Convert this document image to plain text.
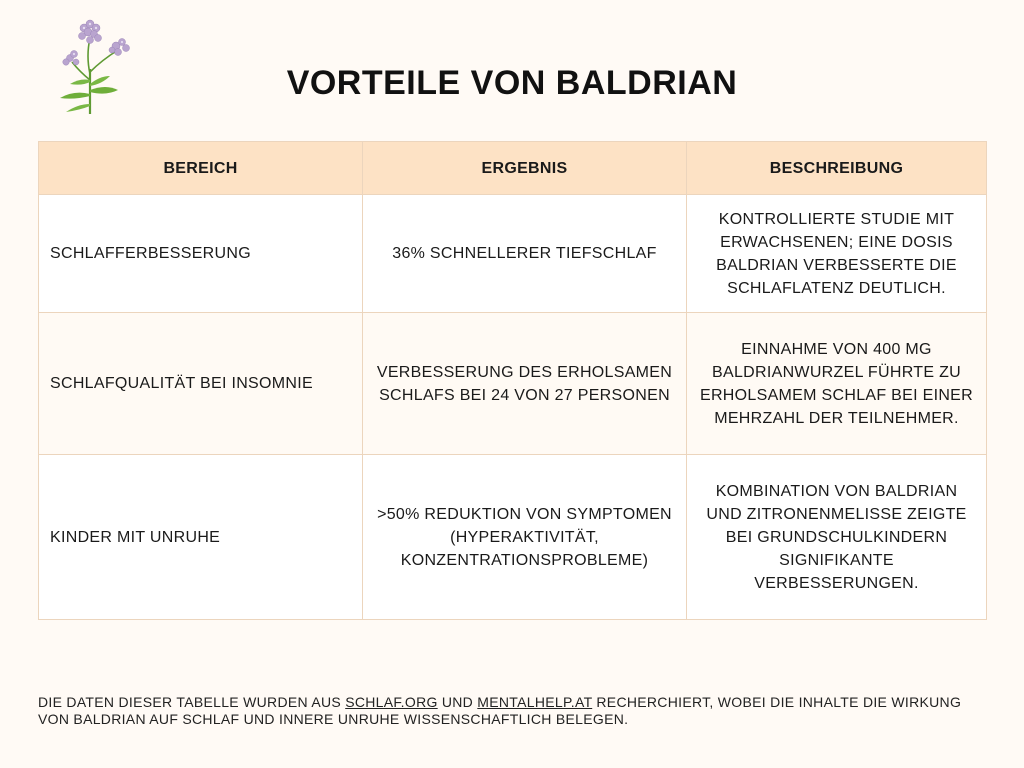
VORTEILE VON BALDRIAN
BEREICH	ERGEBNIS	BESCHREIBUNG
SCHLAFFERBESSERUNG	36% SCHNELLERER TIEFSCHLAF	KONTROLLIERTE STUDIE MIT ERWACHSENEN; EINE DOSIS BALDRIAN VERBESSERTE DIE SCHLAFLATENZ DEUTLICH.
SCHLAFQUALITÄT BEI INSOMNIE	VERBESSERUNG DES ERHOLSAMEN SCHLAFS BEI 24 VON 27 PERSONEN	EINNAHME VON 400 MG BALDRIANWURZEL FÜHRTE ZU ERHOLSAMEM SCHLAF BEI EINER MEHRZAHL DER TEILNEHMER.
KINDER MIT UNRUHE	>50% REDUKTION VON SYMPTOMEN (HYPERAKTIVITÄT, KONZENTRATIONSPROBLEME)	KOMBINATION VON BALDRIAN UND ZITRONENMELISSE ZEIGTE BEI GRUNDSCHULKINDERN SIGNIFIKANTE VERBESSERUNGEN.
DIE DATEN DIESER TABELLE WURDEN AUS SCHLAF.ORG UND MENTALHELP.AT RECHERCHIERT, WOBEI DIE INHALTE DIE WIRKUNG VON BALDRIAN AUF SCHLAF UND INNERE UNRUHE WISSENSCHAFTLICH BELEGEN.
